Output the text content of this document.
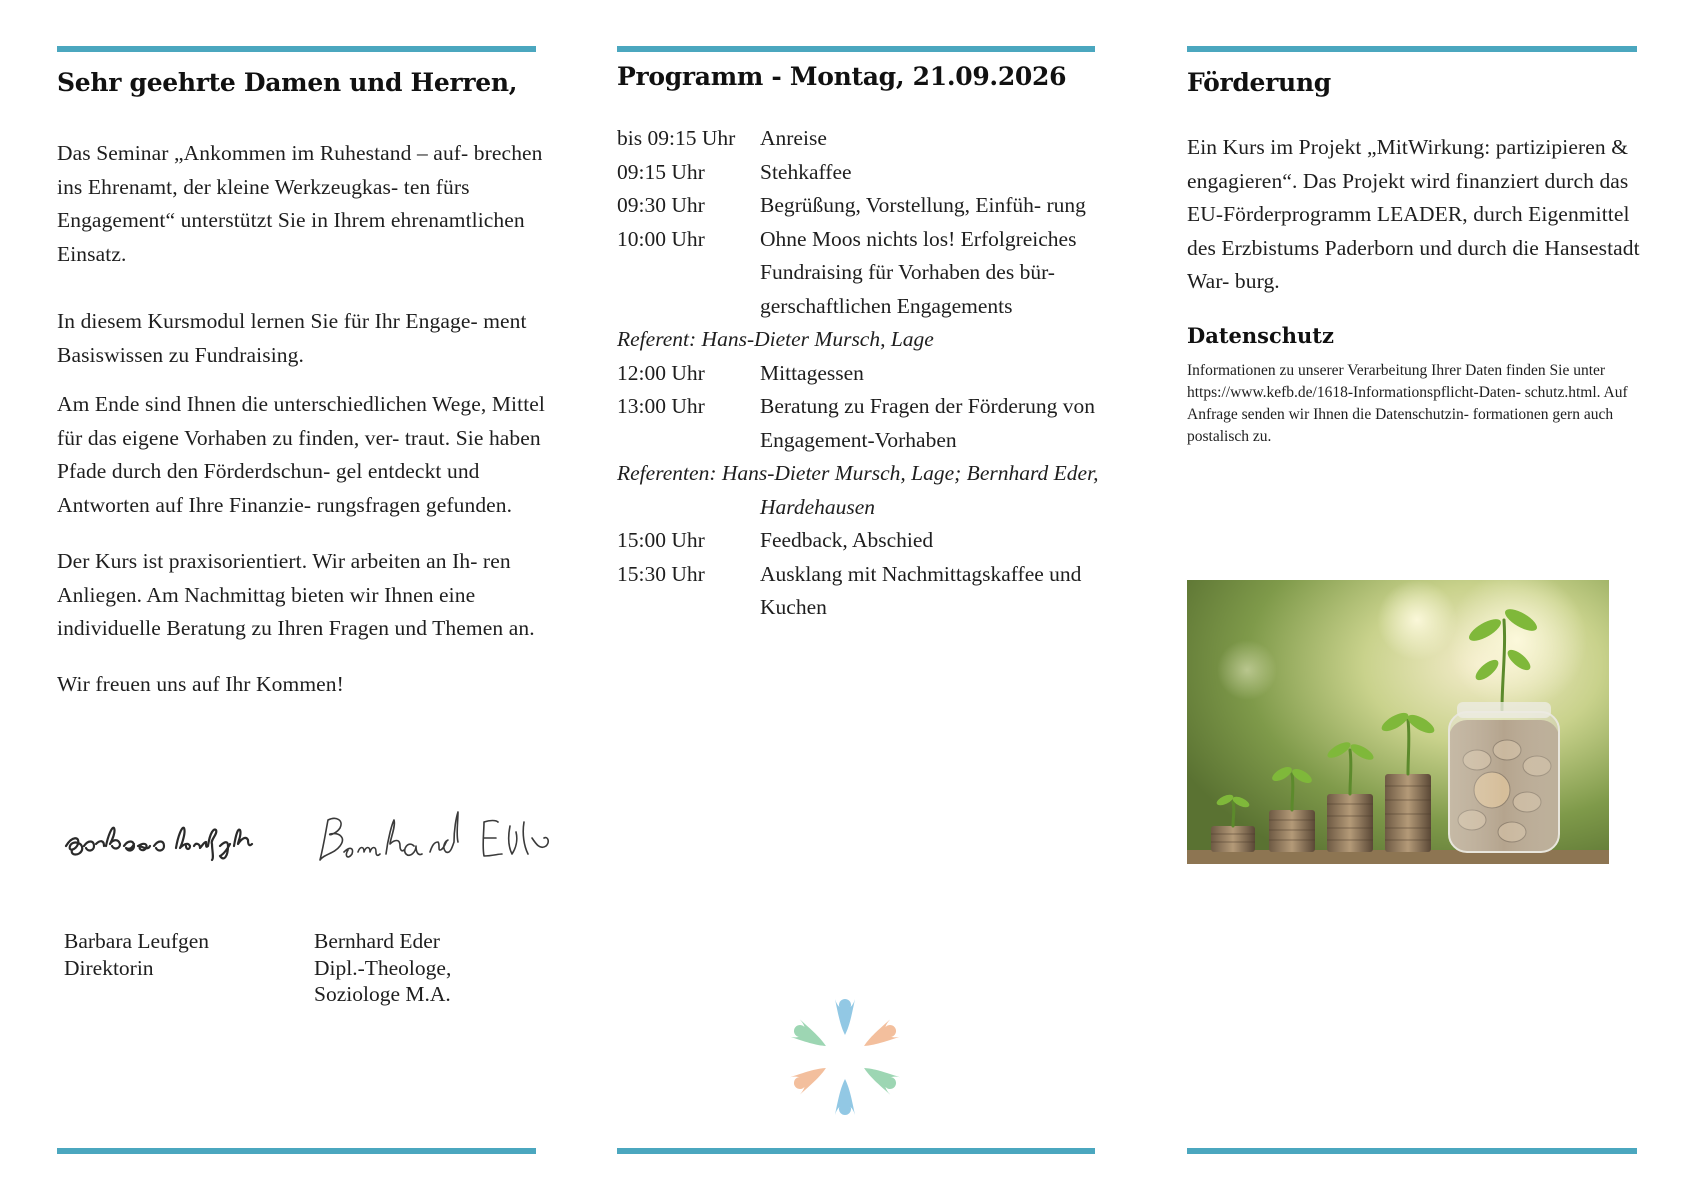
Sehr geehrte Damen und Herren,

Das Seminar „Ankommen im Ruhestand – auf- brechen ins Ehrenamt, der kleine Werkzeugkas- ten fürs Engagement“ unterstützt Sie in Ihrem ehrenamtlichen Einsatz.

In diesem Kursmodul lernen Sie für Ihr Engage- ment Basiswissen zu Fundraising.

Am Ende sind Ihnen die unterschiedlichen Wege, Mittel für das eigene Vorhaben zu finden, ver- traut. Sie haben Pfade durch den Förderdschun- gel entdeckt und Antworten auf Ihre Finanzie- rungsfragen gefunden.

Der Kurs ist praxisorientiert. Wir arbeiten an Ih- ren Anliegen. Am Nachmittag bieten wir Ihnen eine individuelle Beratung zu Ihren Fragen und Themen an.

Wir freuen uns auf Ihr Kommen!

Barbara Leufgen
Direktorin
Bernhard Eder
Dipl.-Theologe,
Soziologe M.A.
Programm - Montag, 21.09.2026
bis 09:15 Uhr	Anreise
09:15 Uhr	Stehkaffee
09:30 Uhr	Begrüßung, Vorstellung, Einfüh- rung
10:00 Uhr	Ohne Moos nichts los! Erfolgreiches Fundraising für Vorhaben des bür- gerschaftlichen Engagements
Referent: Hans-Dieter Mursch, Lage
12:00 Uhr	Mittagessen
13:00 Uhr	Beratung zu Fragen der Förderung von Engagement-Vorhaben
Referenten: Hans-Dieter Mursch, Lage; Bernhard Eder,
Hardehausen
15:00 Uhr	Feedback, Abschied
15:30 Uhr	Ausklang mit Nachmittagskaffee und Kuchen
Förderung

Ein Kurs im Projekt „MitWirkung: partizipieren & engagieren“. Das Projekt wird finanziert durch das EU-Förderprogramm LEADER, durch Eigenmittel des Erzbistums Paderborn und durch die Hansestadt War- burg.

Datenschutz

Informationen zu unserer Verarbeitung Ihrer Daten finden Sie unter https://www.kefb.de/1618-Informationspflicht-Daten- schutz.html. Auf Anfrage senden wir Ihnen die Datenschutzin- formationen gern auch postalisch zu.
